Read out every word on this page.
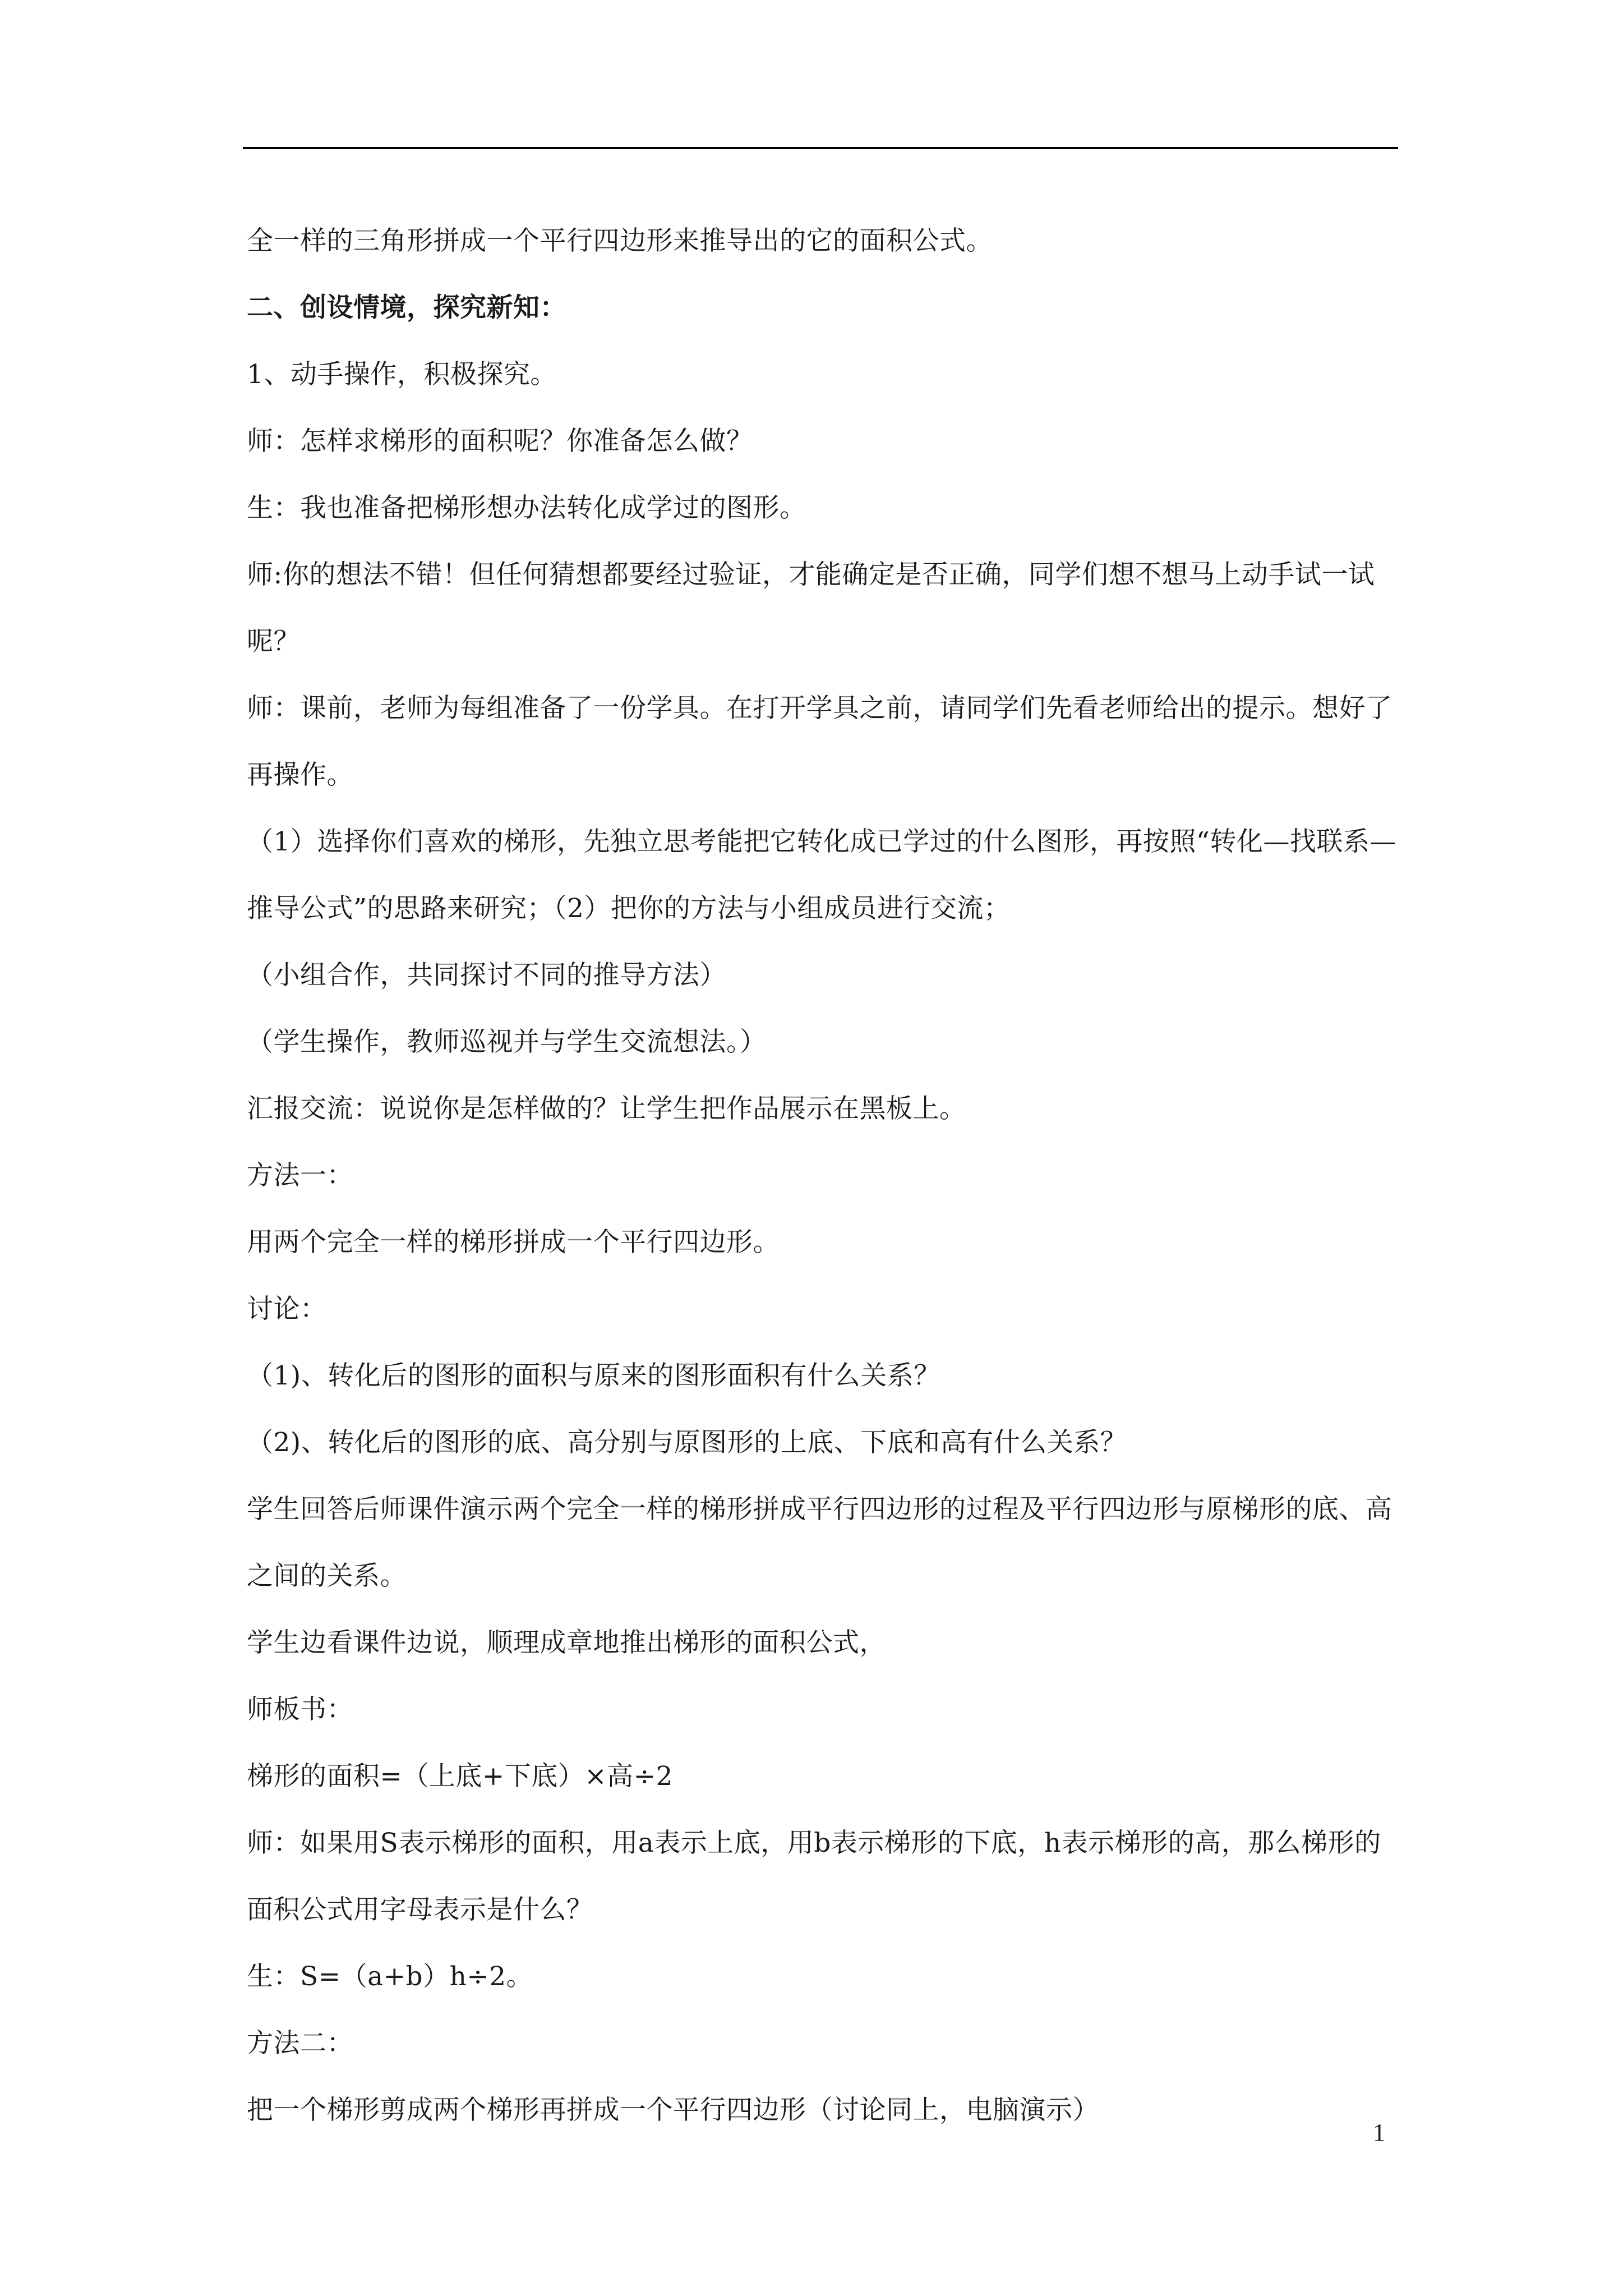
全一样的三角形拼成一个平行四边形来推导出的它的面积公式。

二、创设情境，探究新知：

1、动手操作，积极探究。

师：怎样求梯形的面积呢？你准备怎么做？

生：我也准备把梯形想办法转化成学过的图形。

师:你的想法不错！但任何猜想都要经过验证，才能确定是否正确，同学们想不想马上动手试一试呢？

师：课前，老师为每组准备了一份学具。在打开学具之前，请同学们先看老师给出的提示。想好了再操作。

（1）选择你们喜欢的梯形，先独立思考能把它转化成已学过的什么图形，再按照“转化—找联系—推导公式”的思路来研究；（2）把你的方法与小组成员进行交流；

（小组合作，共同探讨不同的推导方法）

（学生操作，教师巡视并与学生交流想法。）

汇报交流：说说你是怎样做的？让学生把作品展示在黑板上。

方法一：

用两个完全一样的梯形拼成一个平行四边形。

讨论：

（1)、转化后的图形的面积与原来的图形面积有什么关系？

（2)、转化后的图形的底、高分别与原图形的上底、下底和高有什么关系？

学生回答后师课件演示两个完全一样的梯形拼成平行四边形的过程及平行四边形与原梯形的底、高之间的关系。

学生边看课件边说，顺理成章地推出梯形的面积公式，

师板书：

梯形的面积=（上底+下底）×高÷2

师：如果用S表示梯形的面积，用a表示上底，用b表示梯形的下底，h表示梯形的高，那么梯形的面积公式用字母表示是什么？

生：S=（a+b）h÷2。

方法二：

把一个梯形剪成两个梯形再拼成一个平行四边形（讨论同上，电脑演示）

1
